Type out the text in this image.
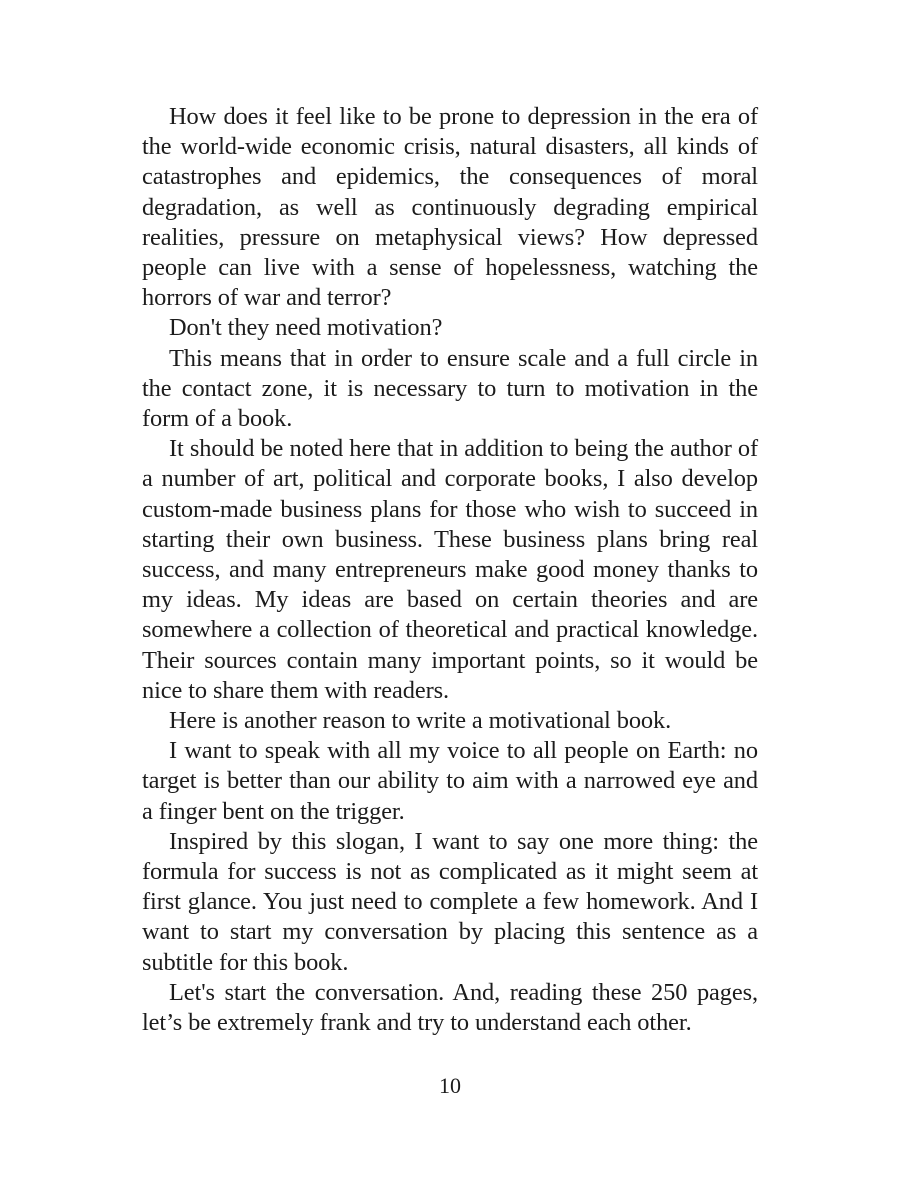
How does it feel like to be prone to depression in the era of the world-wide economic crisis, natural disasters, all kinds of catastrophes and epidemics, the consequences of moral degradation, as well as continuously degrading empirical realities, pressure on metaphysical views? How depressed people can live with a sense of hopelessness, watching the horrors of war and terror?

Don't they need motivation?

This means that in order to ensure scale and a full circle in the contact zone, it is necessary to turn to motivation in the form of a book.

It should be noted here that in addition to being the author of a number of art, political and corporate books, I also develop custom-made business plans for those who wish to succeed in starting their own business. These business plans bring real success, and many entrepreneurs make good money thanks to my ideas. My ideas are based on certain theories and are somewhere a collection of theoretical and practical knowledge. Their sources contain many important points, so it would be nice to share them with readers.

Here is another reason to write a motivational book.

I want to speak with all my voice to all people on Earth: no target is better than our ability to aim with a narrowed eye and a finger bent on the trigger.

Inspired by this slogan, I want to say one more thing: the formula for success is not as complicated as it might seem at first glance. You just need to complete a few homework. And I want to start my conversation by placing this sentence as a subtitle for this book.

Let's start the conversation. And, reading these 250 pages, let’s be extremely frank and try to understand each other.

10
